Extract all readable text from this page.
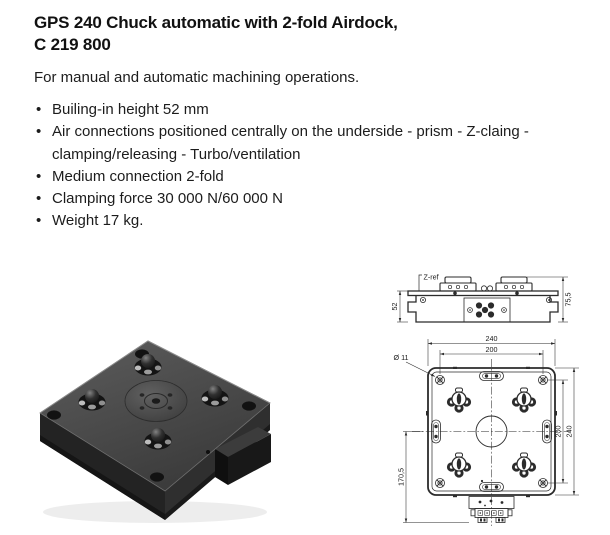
GPS 240 Chuck automatic with 2-fold Airdock,
C 219 800

For manual and automatic machining operations.

• Builing-in height 52 mm
• Air connections positioned centrally on the underside - prism - Z-claing - clamping/releasing - Turbo/ventilation
• Medium connection 2-fold
• Clamping force 30 000 N/60 000 N
• Weight 17 kg.
Z-ref
52	75,5
240
200
Ø 11
200 240
170,5
